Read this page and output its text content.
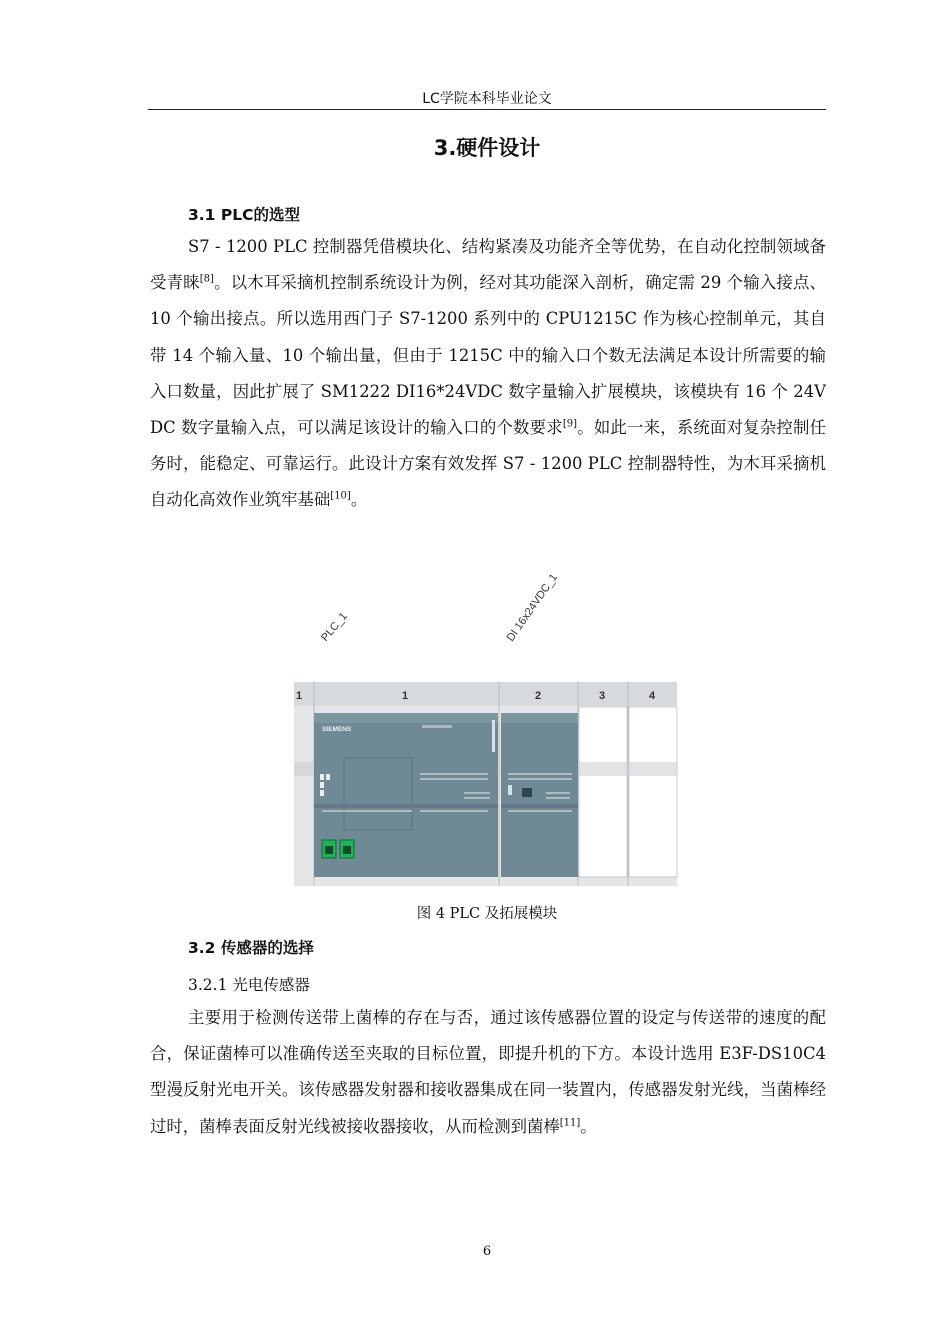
LC学院本科毕业论文
3.硬件设计
3.1 PLC的选型

S7 - 1200 PLC 控制器凭借模块化、结构紧凑及功能齐全等优势，在自动化控制领域备受青睐[8]。以木耳采摘机控制系统设计为例，经对其功能深入剖析，确定需 29 个输入接点、10 个输出接点。所以选用西门子 S7-1200 系列中的 CPU1215C 作为核心控制单元，其自带 14 个输入量、10 个输出量，但由于 1215C 中的输入口个数无法满足本设计所需要的输入口数量，因此扩展了 SM1222 DI16*24VDC 数字量输入扩展模块，该模块有 16 个 24V DC 数字量输入点，可以满足该设计的输入口的个数要求[9]。如此一来，系统面对复杂控制任务时，能稳定、可靠运行。此设计方案有效发挥 S7 - 1200 PLC 控制器特性，为木耳采摘机自动化高效作业筑牢基础[10]。

PLC_1	DI 16x24VDC_1
1	1	2	3	4
SIEMENS
图 4 PLC 及拓展模块
3.2 传感器的选择
3.2.1 光电传感器

主要用于检测传送带上菌棒的存在与否，通过该传感器位置的设定与传送带的速度的配合，保证菌棒可以准确传送至夹取的目标位置，即提升机的下方。本设计选用 E3F-DS10C4 型漫反射光电开关。该传感器发射器和接收器集成在同一装置内，传感器发射光线，当菌棒经过时，菌棒表面反射光线被接收器接收，从而检测到菌棒[11]。

6
